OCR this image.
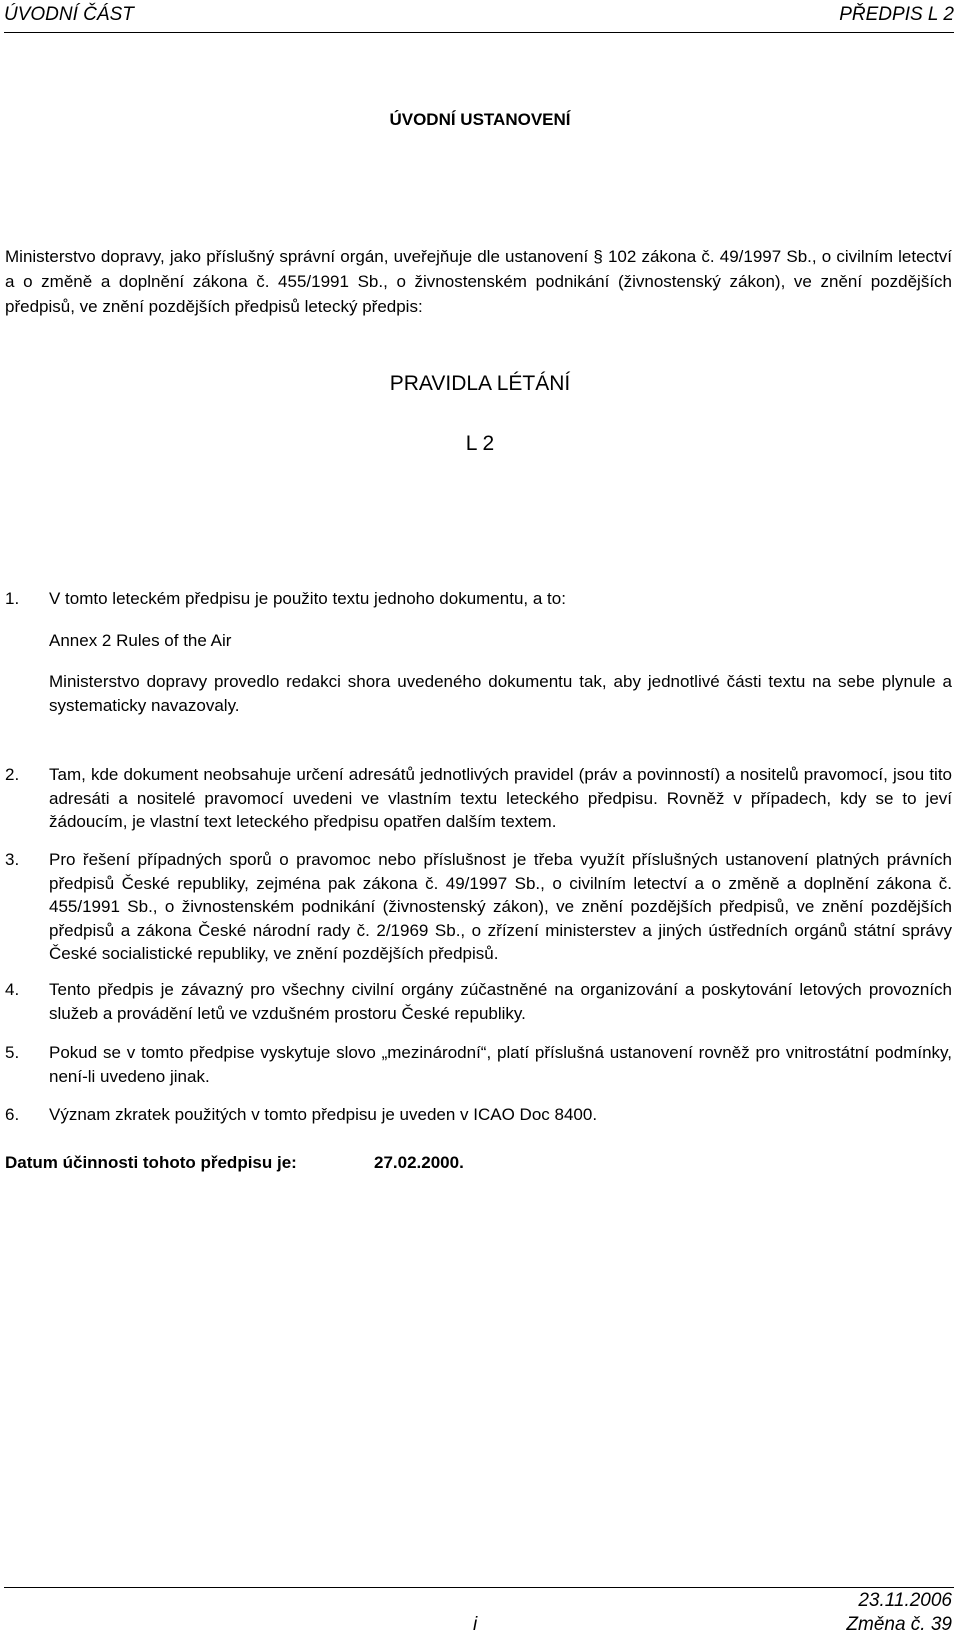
ÚVODNÍ ČÁST	PŘEDPIS L 2
ÚVODNÍ USTANOVENÍ
Ministerstvo dopravy, jako příslušný správní orgán, uveřejňuje dle ustanovení § 102 zákona č. 49/1997 Sb., o civilním letectví a o změně a doplnění zákona č. 455/1991 Sb., o živnostenském podnikání (živnostenský zákon), ve znění pozdějších předpisů, ve znění pozdějších předpisů letecký předpis:
PRAVIDLA LÉTÁNÍ
L 2
1. V tomto leteckém předpisu je použito textu jednoho dokumentu, a to:

Annex 2 Rules of the Air

Ministerstvo dopravy provedlo redakci shora uvedeného dokumentu tak, aby jednotlivé části textu na sebe plynule a systematicky navazovaly.

2. Tam, kde dokument neobsahuje určení adresátů jednotlivých pravidel (práv a povinností) a nositelů pravomocí, jsou tito adresáti a nositelé pravomocí uvedeni ve vlastním textu leteckého předpisu. Rovněž v případech, kdy se to jeví žádoucím, je vlastní text leteckého předpisu opatřen dalším textem.

3. Pro řešení případných sporů o pravomoc nebo příslušnost je třeba využít příslušných ustanovení platných právních předpisů České republiky, zejména pak zákona č. 49/1997 Sb., o civilním letectví a o změně a doplnění zákona č. 455/1991 Sb., o živnostenském podnikání (živnostenský zákon), ve znění pozdějších předpisů, ve znění pozdějších předpisů a zákona České národní rady č. 2/1969 Sb., o zřízení ministerstev a jiných ústředních orgánů státní správy České socialistické republiky, ve znění pozdějších předpisů.

4. Tento předpis je závazný pro všechny civilní orgány zúčastněné na organizování a poskytování letových provozních služeb a provádění letů ve vzdušném prostoru České republiky.

5. Pokud se v tomto předpise vyskytuje slovo „mezinárodní“, platí příslušná ustanovení rovněž pro vnitrostátní podmínky, není-li uvedeno jinak.

6. Význam zkratek použitých v tomto předpisu je uveden v ICAO Doc 8400.

Datum účinnosti tohoto předpisu je:	27.02.2000.
i
23.11.2006
Změna č. 39
